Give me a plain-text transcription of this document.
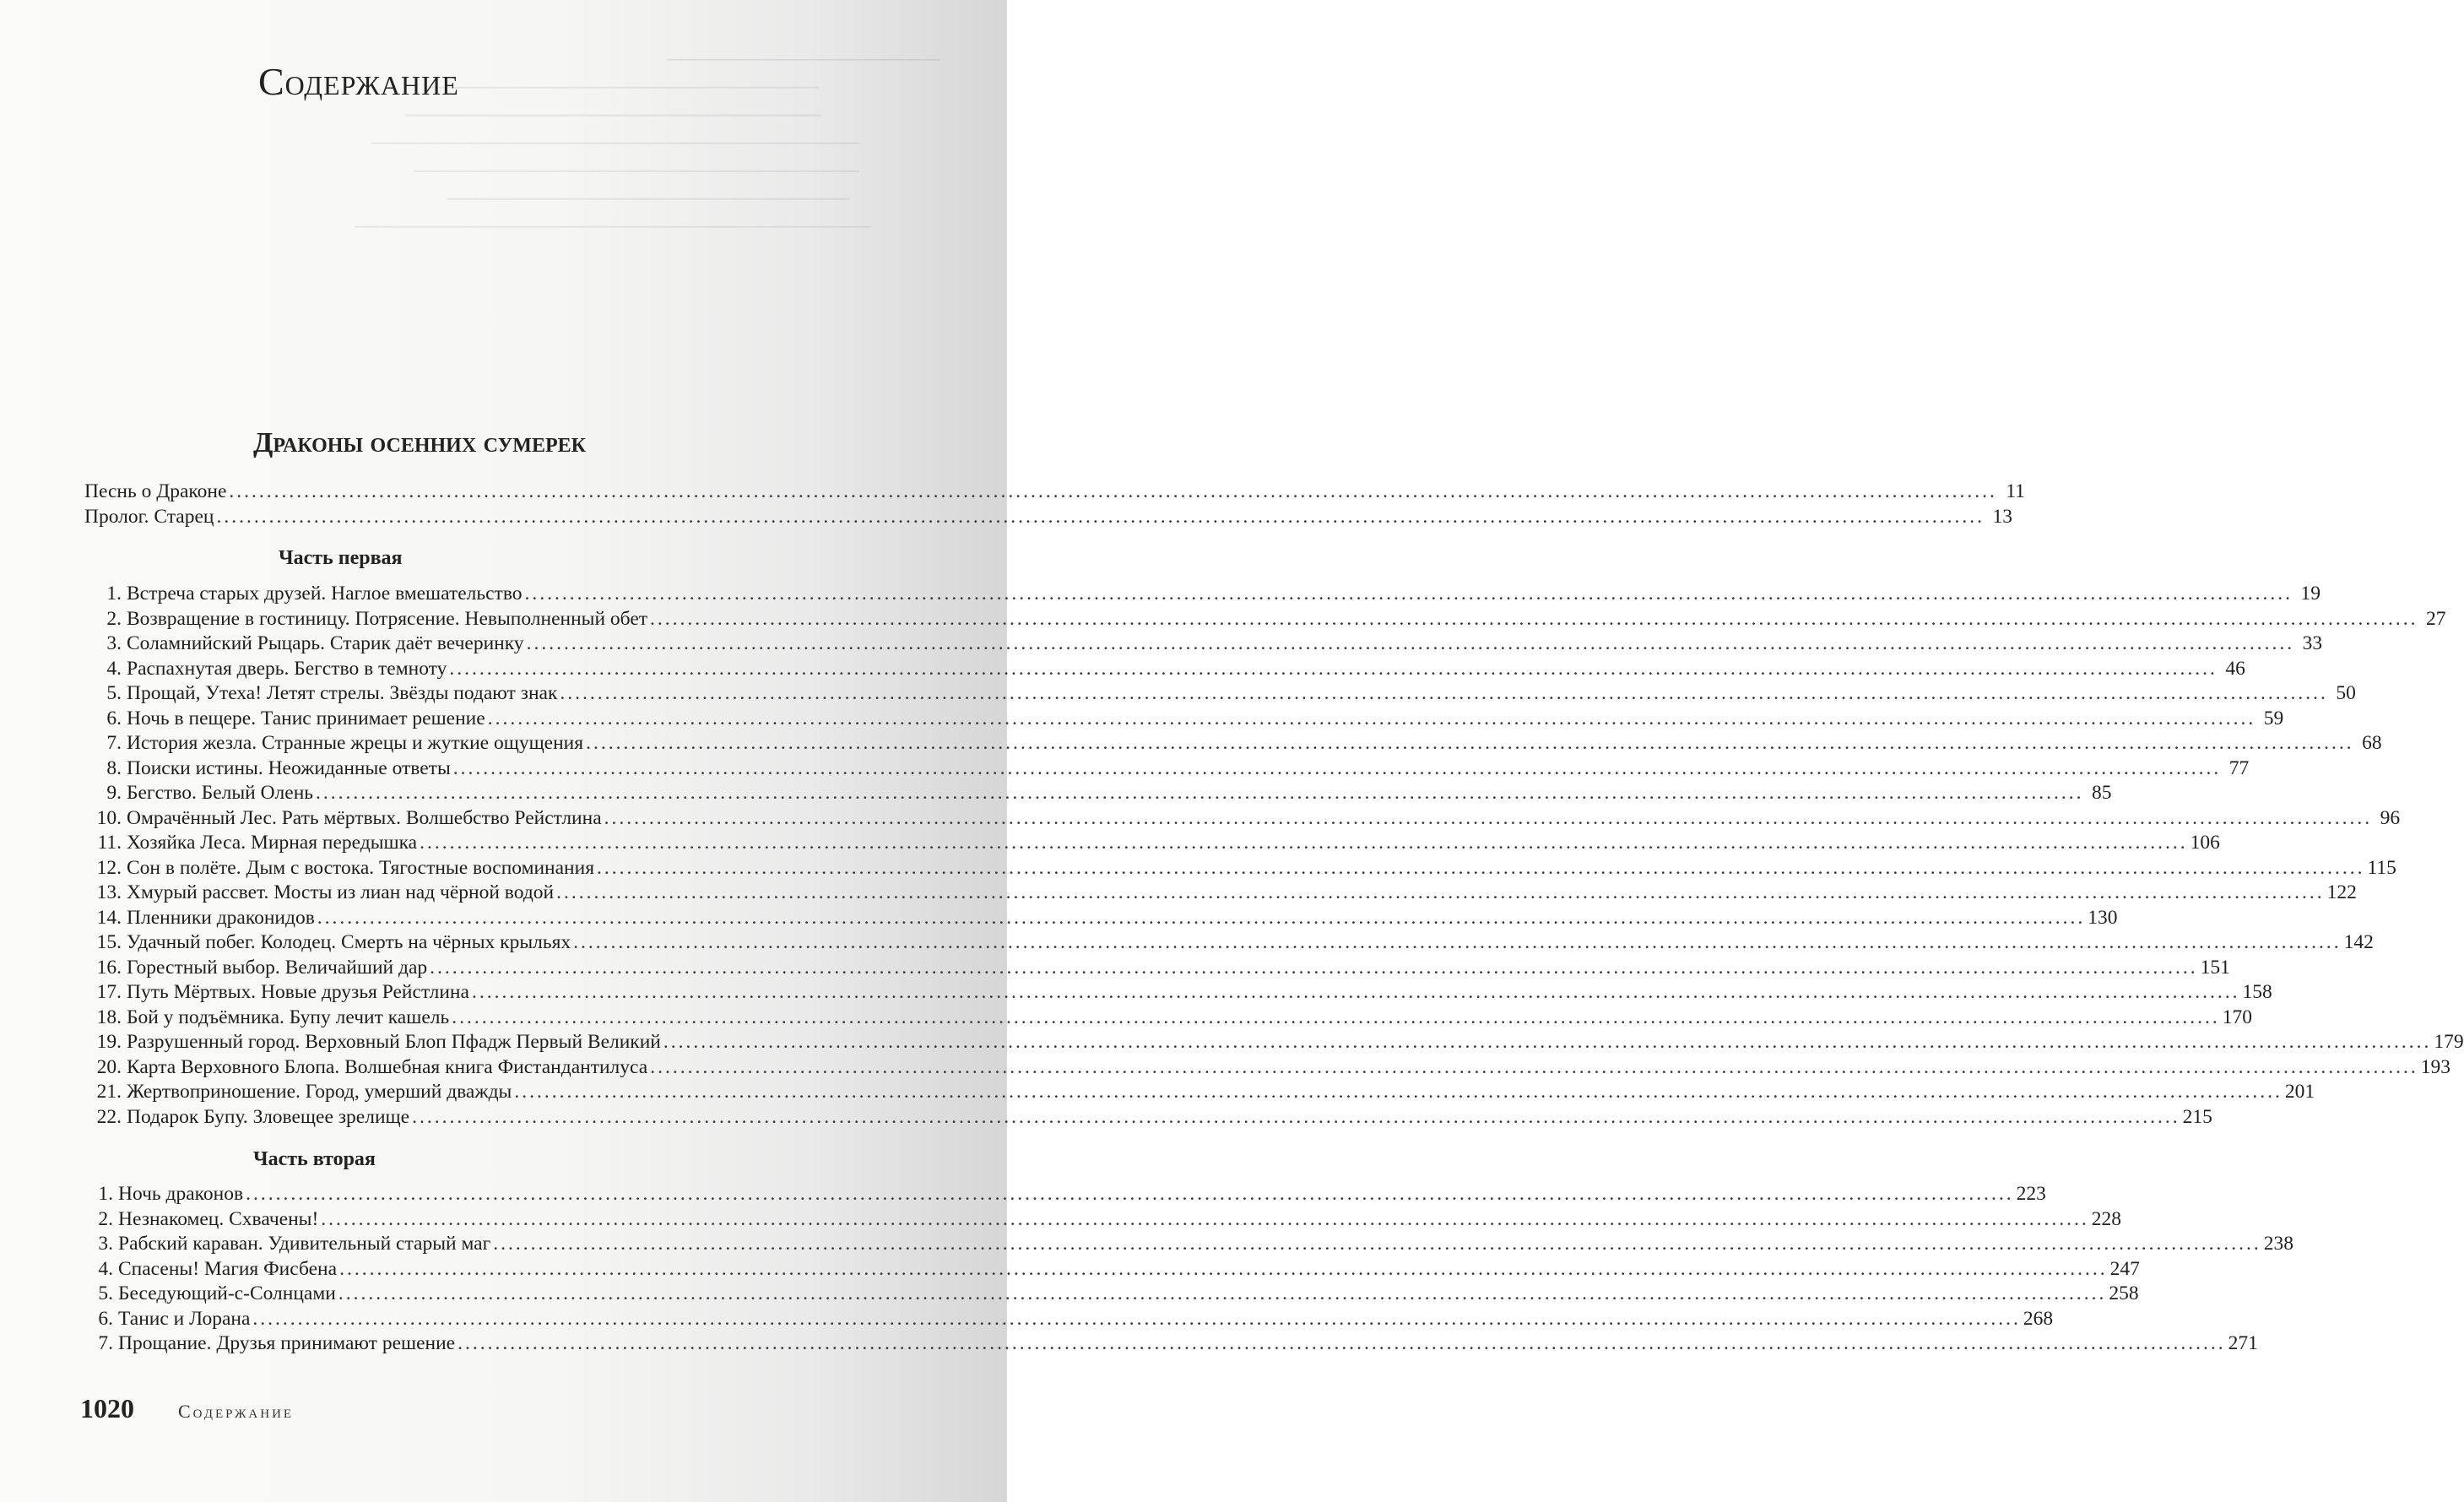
───────────────────
───────────────────────────
─────────────────────────────
──────────────────────────────────
───────────────────────────────
────────────────────────────
────────────────────────────────────
Содержание
Драконы осенних сумерек
Песнь о Драконе .....	11
Пролог. Старец .....	13
Часть первая
1. Встреча старых друзей. Наглое вмешательство .....	19
2. Возвращение в гостиницу. Потрясение. Невыполненный обет .....	27
3. Соламнийский Рыцарь. Старик даёт вечеринку .....	33
4. Распахнутая дверь. Бегство в темноту .....	46
5. Прощай, Утеха! Летят стрелы. Звёзды подают знак .....	50
6. Ночь в пещере. Танис принимает решение .....	59
7. История жезла. Странные жрецы и жуткие ощущения .....	68
8. Поиски истины. Неожиданные ответы .....	77
9. Бегство. Белый Олень .....	85
10. Омрачённый Лес. Рать мёртвых. Волшебство Рейстлина .....	96
11. Хозяйка Леса. Мирная передышка .....	106
12. Сон в полёте. Дым с востока. Тягостные воспоминания .....	115
13. Хмурый рассвет. Мосты из лиан над чёрной водой .....	122
14. Пленники драконидов .....	130
15. Удачный побег. Колодец. Смерть на чёрных крыльях .....	142
16. Горестный выбор. Величайший дар .....	151
17. Путь Мёртвых. Новые друзья Рейстлина .....	158
18. Бой у подъёмника. Бупу лечит кашель .....	170
19. Разрушенный город. Верховный Блоп Пфадж Первый Великий .....	179
20. Карта Верховного Блопа. Волшебная книга Фистандантилуса .....	193
21. Жертвоприношение. Город, умерший дважды .....	201
22. Подарок Бупу. Зловещее зрелище .....	215
Часть вторая
1. Ночь драконов .....	223
2. Незнакомец. Схвачены! .....	228
3. Рабский караван. Удивительный старый маг .....	238
4. Спасены! Магия Фисбена .....	247
5. Беседующий-с-Солнцами .....	258
6. Танис и Лорана .....	268
7. Прощание. Друзья принимают решение .....	271
1020 Содержание
